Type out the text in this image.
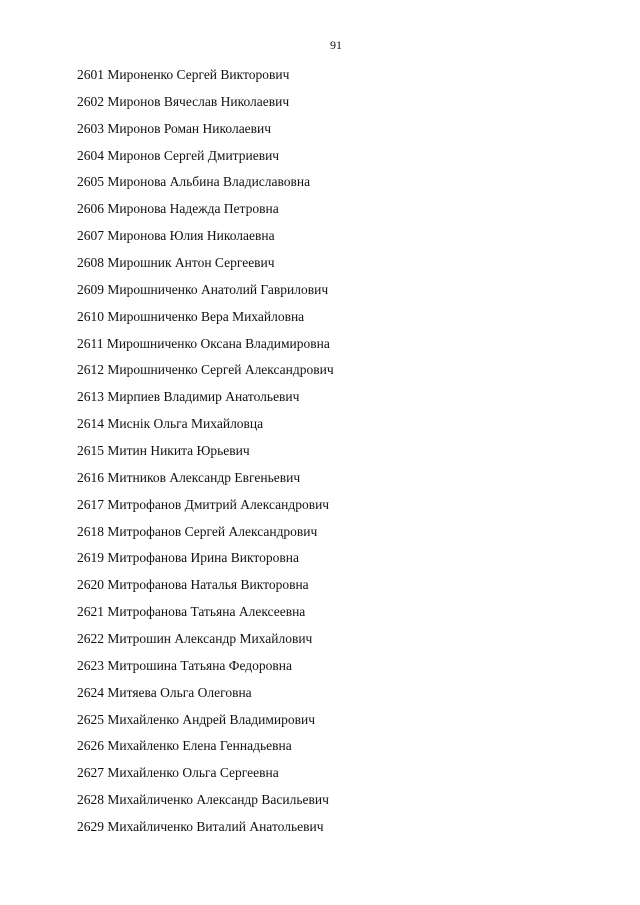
91
2601 Мироненко Сергей Викторович
2602 Миронов Вячеслав Николаевич
2603 Миронов Роман Николаевич
2604 Миронов Сергей Дмитриевич
2605 Миронова Альбина Владиславовна
2606 Миронова Надежда Петровна
2607 Миронова Юлия Николаевна
2608 Мирошник Антон Сергеевич
2609 Мирошниченко Анатолий Гаврилович
2610 Мирошниченко Вера Михайловна
2611 Мирошниченко Оксана Владимировна
2612 Мирошниченко Сергей Александрович
2613 Мирпиев Владимир Анатольевич
2614 Миснік Ольга Михайловца
2615 Митин Никита Юрьевич
2616 Митников Александр Евгеньевич
2617 Митрофанов Дмитрий Александрович
2618 Митрофанов Сергей Александрович
2619 Митрофанова Ирина Викторовна
2620 Митрофанова Наталья Викторовна
2621 Митрофанова Татьяна Алексеевна
2622 Митрошин Александр Михайлович
2623 Митрошина Татьяна Федоровна
2624 Митяева Ольга Олеговна
2625 Михайленко Андрей Владимирович
2626 Михайленко Елена Геннадьевна
2627 Михайленко Ольга Сергеевна
2628 Михайличенко Александр Васильевич
2629 Михайличенко Виталий Анатольевич
